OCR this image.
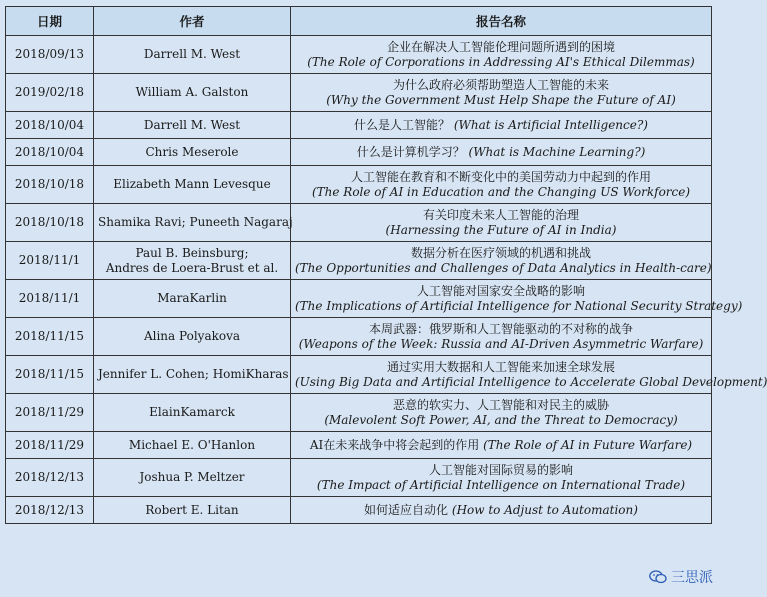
日期	作者	报告名称
2018/09/13	Darrell M. West	企业在解决人工智能伦理问题所遇到的困境
(The Role of Corporations in Addressing AI's Ethical Dilemmas)

2019/02/18	William A. Galston	为什么政府必须帮助塑造人工智能的未来
(Why the Government Must Help Shape the Future of AI)

2018/10/04	Darrell M. West	什么是人工智能？ (What is Artificial Intelligence?)
2018/10/04	Chris Meserole	什么是计算机学习？ (What is Machine Learning?)
2018/10/18	Elizabeth Mann Levesque	人工智能在教育和不断变化中的美国劳动力中起到的作用
(The Role of AI in Education and the Changing US Workforce)

2018/10/18	Shamika Ravi; Puneeth Nagaraj	有关印度未来人工智能的治理
(Harnessing the Future of AI in India)

2018/11/1	Paul B. Beinsburg;
Andres de Loera-Brust et al.	数据分析在医疗领域的机遇和挑战
(The Opportunities and Challenges of Data Analytics in Health-care)

2018/11/1	MaraKarlin	人工智能对国家安全战略的影响
(The Implications of Artificial Intelligence for National Security Strategy)

2018/11/15	Alina Polyakova	本周武器：俄罗斯和人工智能驱动的不对称的战争
(Weapons of the Week: Russia and AI-Driven Asymmetric Warfare)

2018/11/15	Jennifer L. Cohen; HomiKharas	通过实用大数据和人工智能来加速全球发展
(Using Big Data and Artificial Intelligence to Accelerate Global Development)

2018/11/29	ElainKamarck	恶意的软实力、人工智能和对民主的威胁
(Malevolent Soft Power, AI, and the Threat to Democracy)

2018/11/29	Michael E. O'Hanlon	AI在未来战争中将会起到的作用 (The Role of AI in Future Warfare)
2018/12/13	Joshua P. Meltzer	人工智能对国际贸易的影响
(The Impact of Artificial Intelligence on International Trade)

2018/12/13	Robert E. Litan	如何适应自动化 (How to Adjust to Automation)
三思派
